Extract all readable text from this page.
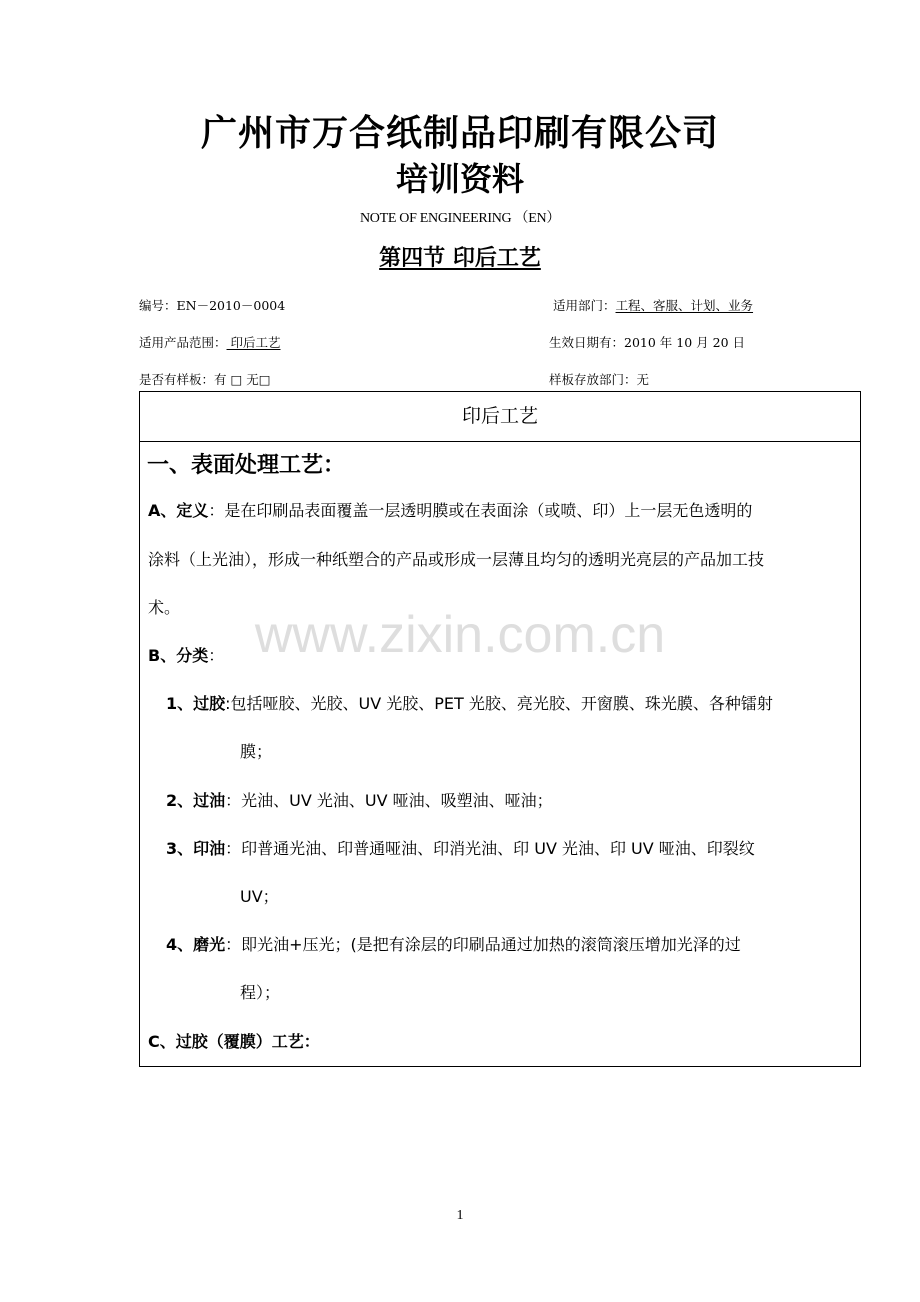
广州市万合纸制品印刷有限公司
培训资料
NOTE OF ENGINEERING （EN）
第四节 印后工艺
编号：EN－2010－0004	适用部门：工程、客服、计划、业务
适用产品范围： 印后工艺	生效日期有：2010 年 10 月 20 日
是否有样板：有 □ 无□	样板存放部门：无
印后工艺
www.zixin.com.cn
一、表面处理工艺：
A、定义：是在印刷品表面覆盖一层透明膜或在表面涂（或喷、印）上一层无色透明的
涂料（上光油），形成一种纸塑合的产品或形成一层薄且均匀的透明光亮层的产品加工技
术。
B、分类：
1、过胶:包括哑胶、光胶、UV 光胶、PET 光胶、亮光胶、开窗膜、珠光膜、各种镭射
膜；
2、过油：光油、UV 光油、UV 哑油、吸塑油、哑油；
3、印油：印普通光油、印普通哑油、印消光油、印 UV 光油、印 UV 哑油、印裂纹
UV；
4、磨光：即光油+压光；(是把有涂层的印刷品通过加热的滚筒滚压增加光泽的过
程）；
C、过胶（覆膜）工艺：
1
